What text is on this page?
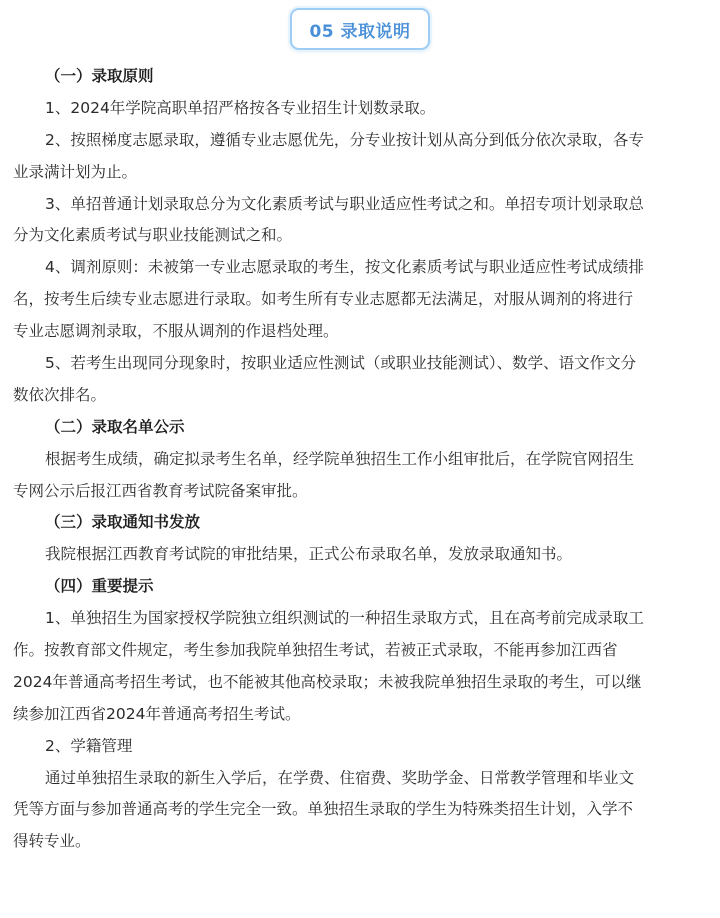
05 录取说明
（一）录取原则
1、2024年学院高职单招严格按各专业招生计划数录取。
2、按照梯度志愿录取，遵循专业志愿优先，分专业按计划从高分到低分依次录取，各专
业录满计划为止。
3、单招普通计划录取总分为文化素质考试与职业适应性考试之和。单招专项计划录取总
分为文化素质考试与职业技能测试之和。
4、调剂原则：未被第一专业志愿录取的考生，按文化素质考试与职业适应性考试成绩排
名，按考生后续专业志愿进行录取。如考生所有专业志愿都无法满足，对服从调剂的将进行
专业志愿调剂录取，不服从调剂的作退档处理。
5、若考生出现同分现象时，按职业适应性测试（或职业技能测试）、数学、语文作文分
数依次排名。
（二）录取名单公示
根据考生成绩，确定拟录考生名单，经学院单独招生工作小组审批后，在学院官网招生
专网公示后报江西省教育考试院备案审批。
（三）录取通知书发放
我院根据江西教育考试院的审批结果，正式公布录取名单，发放录取通知书。
（四）重要提示
1、单独招生为国家授权学院独立组织测试的一种招生录取方式，且在高考前完成录取工
作。按教育部文件规定，考生参加我院单独招生考试，若被正式录取，不能再参加江西省
2024年普通高考招生考试，也不能被其他高校录取；未被我院单独招生录取的考生，可以继
续参加江西省2024年普通高考招生考试。
2、学籍管理
通过单独招生录取的新生入学后，在学费、住宿费、奖助学金、日常教学管理和毕业文
凭等方面与参加普通高考的学生完全一致。单独招生录取的学生为特殊类招生计划，入学不
得转专业。
